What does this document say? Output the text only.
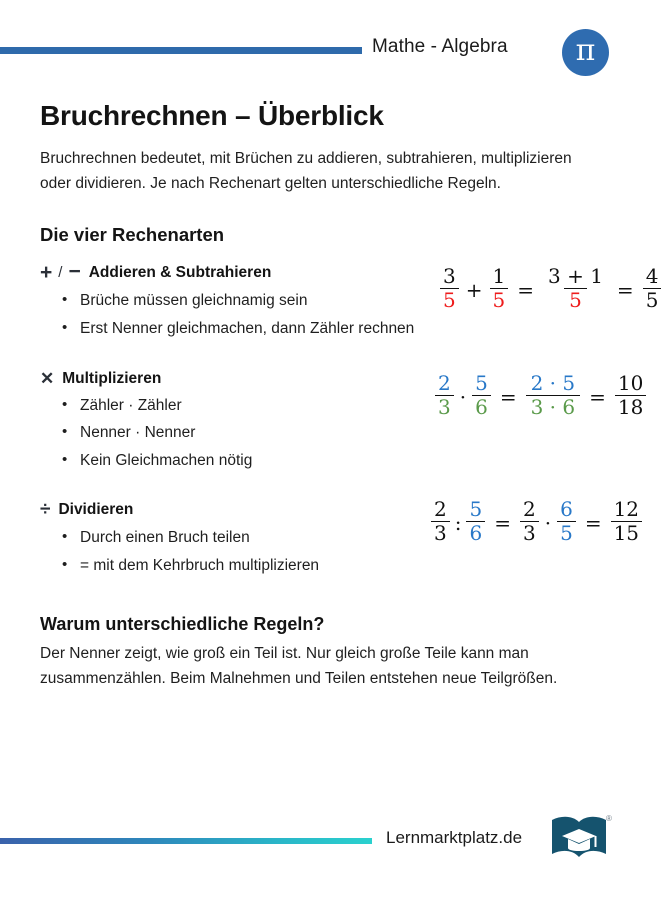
Mathe - Algebra π
Bruchrechnen – Überblick

Bruchrechnen bedeutet, mit Brüchen zu addieren, subtrahieren, multiplizieren oder dividieren. Je nach Rechenart gelten unterschiedliche Regeln.

Die vier Rechenarten
+ / − Addieren & Subtrahieren
• Brüche müssen gleichnamig sein
• Erst Nenner gleichmachen, dann Zähler rechnen
$\frac{3}{5} + \frac{1}{5} = \frac{3 + 1}{5} = \frac{4}{5}$
✕ Multiplizieren
• Zähler · Zähler
• Nenner · Nenner
• Kein Gleichmachen nötig
$\frac{2}{3} \cdot \frac{5}{6} = \frac{2 \cdot 5}{3 \cdot 6} = \frac{10}{18}$
÷ Dividieren
• Durch einen Bruch teilen
• = mit dem Kehrbruch multiplizieren
$\frac{2}{3}$ : $\frac{5}{6} = \frac{2}{3} \cdot \frac{6}{5} = \frac{12}{15}$
Warum unterschiedliche Regeln?

Der Nenner zeigt, wie groß ein Teil ist. Nur gleich große Teile kann man zusammenzählen. Beim Malnehmen und Teilen entstehen neue Teilgrößen.

Lernmarktplatz.de
®
